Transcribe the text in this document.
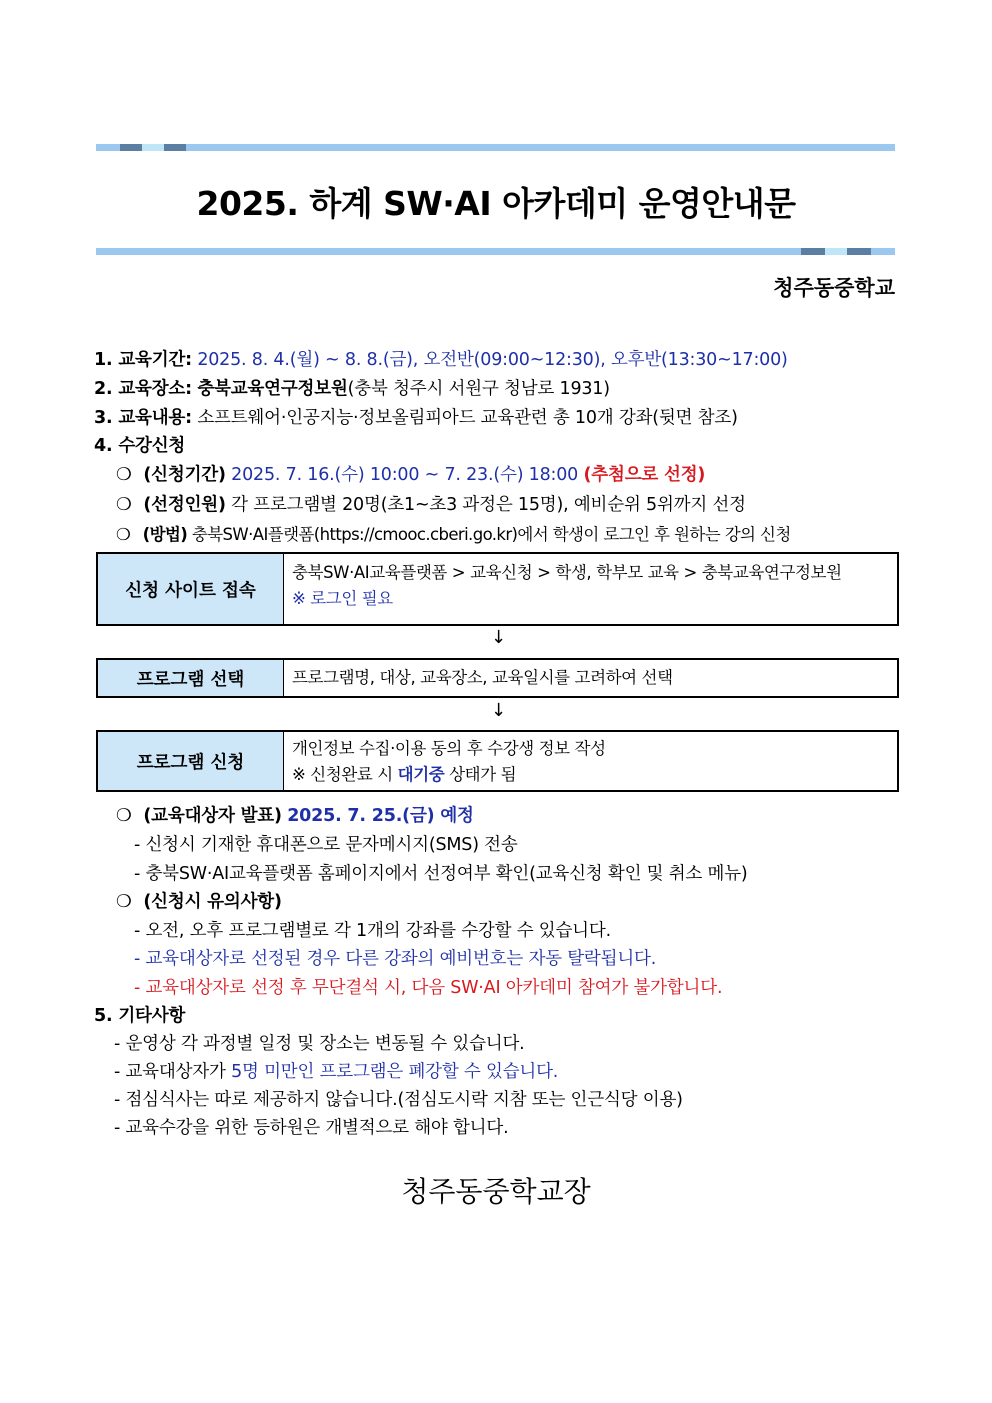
2025. 하계 SW·AI 아카데미 운영안내문
청주동중학교
1. 교육기간: 2025. 8. 4.(월) ~ 8. 8.(금), 오전반(09:00~12:30), 오후반(13:30~17:00)
2. 교육장소: 충북교육연구정보원(충북 청주시 서원구 청남로 1931)
3. 교육내용: 소프트웨어·인공지능·정보올림피아드 교육관련 총 10개 강좌(뒷면 참조)
4. 수강신청
❍ (신청기간) 2025. 7. 16.(수) 10:00 ~ 7. 23.(수) 18:00 (추첨으로 선정)
❍ (선정인원) 각 프로그램별 20명(초1~초3 과정은 15명), 예비순위 5위까지 선정
❍ (방법) 충북SW·AI플랫폼(https://cmooc.cberi.go.kr)에서 학생이 로그인 후 원하는 강의 신청
신청 사이트 접속
충북SW·AI교육플랫폼 > 교육신청 > 학생, 학부모 교육 > 충북교육연구정보원
※ 로그인 필요
↓
프로그램 선택	프로그램명, 대상, 교육장소, 교육일시를 고려하여 선택
↓
프로그램 신청
개인정보 수집·이용 동의 후 수강생 정보 작성
※ 신청완료 시 대기중 상태가 됨
❍ (교육대상자 발표) 2025. 7. 25.(금) 예정
- 신청시 기재한 휴대폰으로 문자메시지(SMS) 전송
- 충북SW·AI교육플랫폼 홈페이지에서 선정여부 확인(교육신청 확인 및 취소 메뉴)
❍ (신청시 유의사항)
- 오전, 오후 프로그램별로 각 1개의 강좌를 수강할 수 있습니다.
- 교육대상자로 선정된 경우 다른 강좌의 예비번호는 자동 탈락됩니다.
- 교육대상자로 선정 후 무단결석 시, 다음 SW·AI 아카데미 참여가 불가합니다.
5. 기타사항
- 운영상 각 과정별 일정 및 장소는 변동될 수 있습니다.
- 교육대상자가 5명 미만인 프로그램은 폐강할 수 있습니다.
- 점심식사는 따로 제공하지 않습니다.(점심도시락 지참 또는 인근식당 이용)
- 교육수강을 위한 등하원은 개별적으로 해야 합니다.
청주동중학교장
